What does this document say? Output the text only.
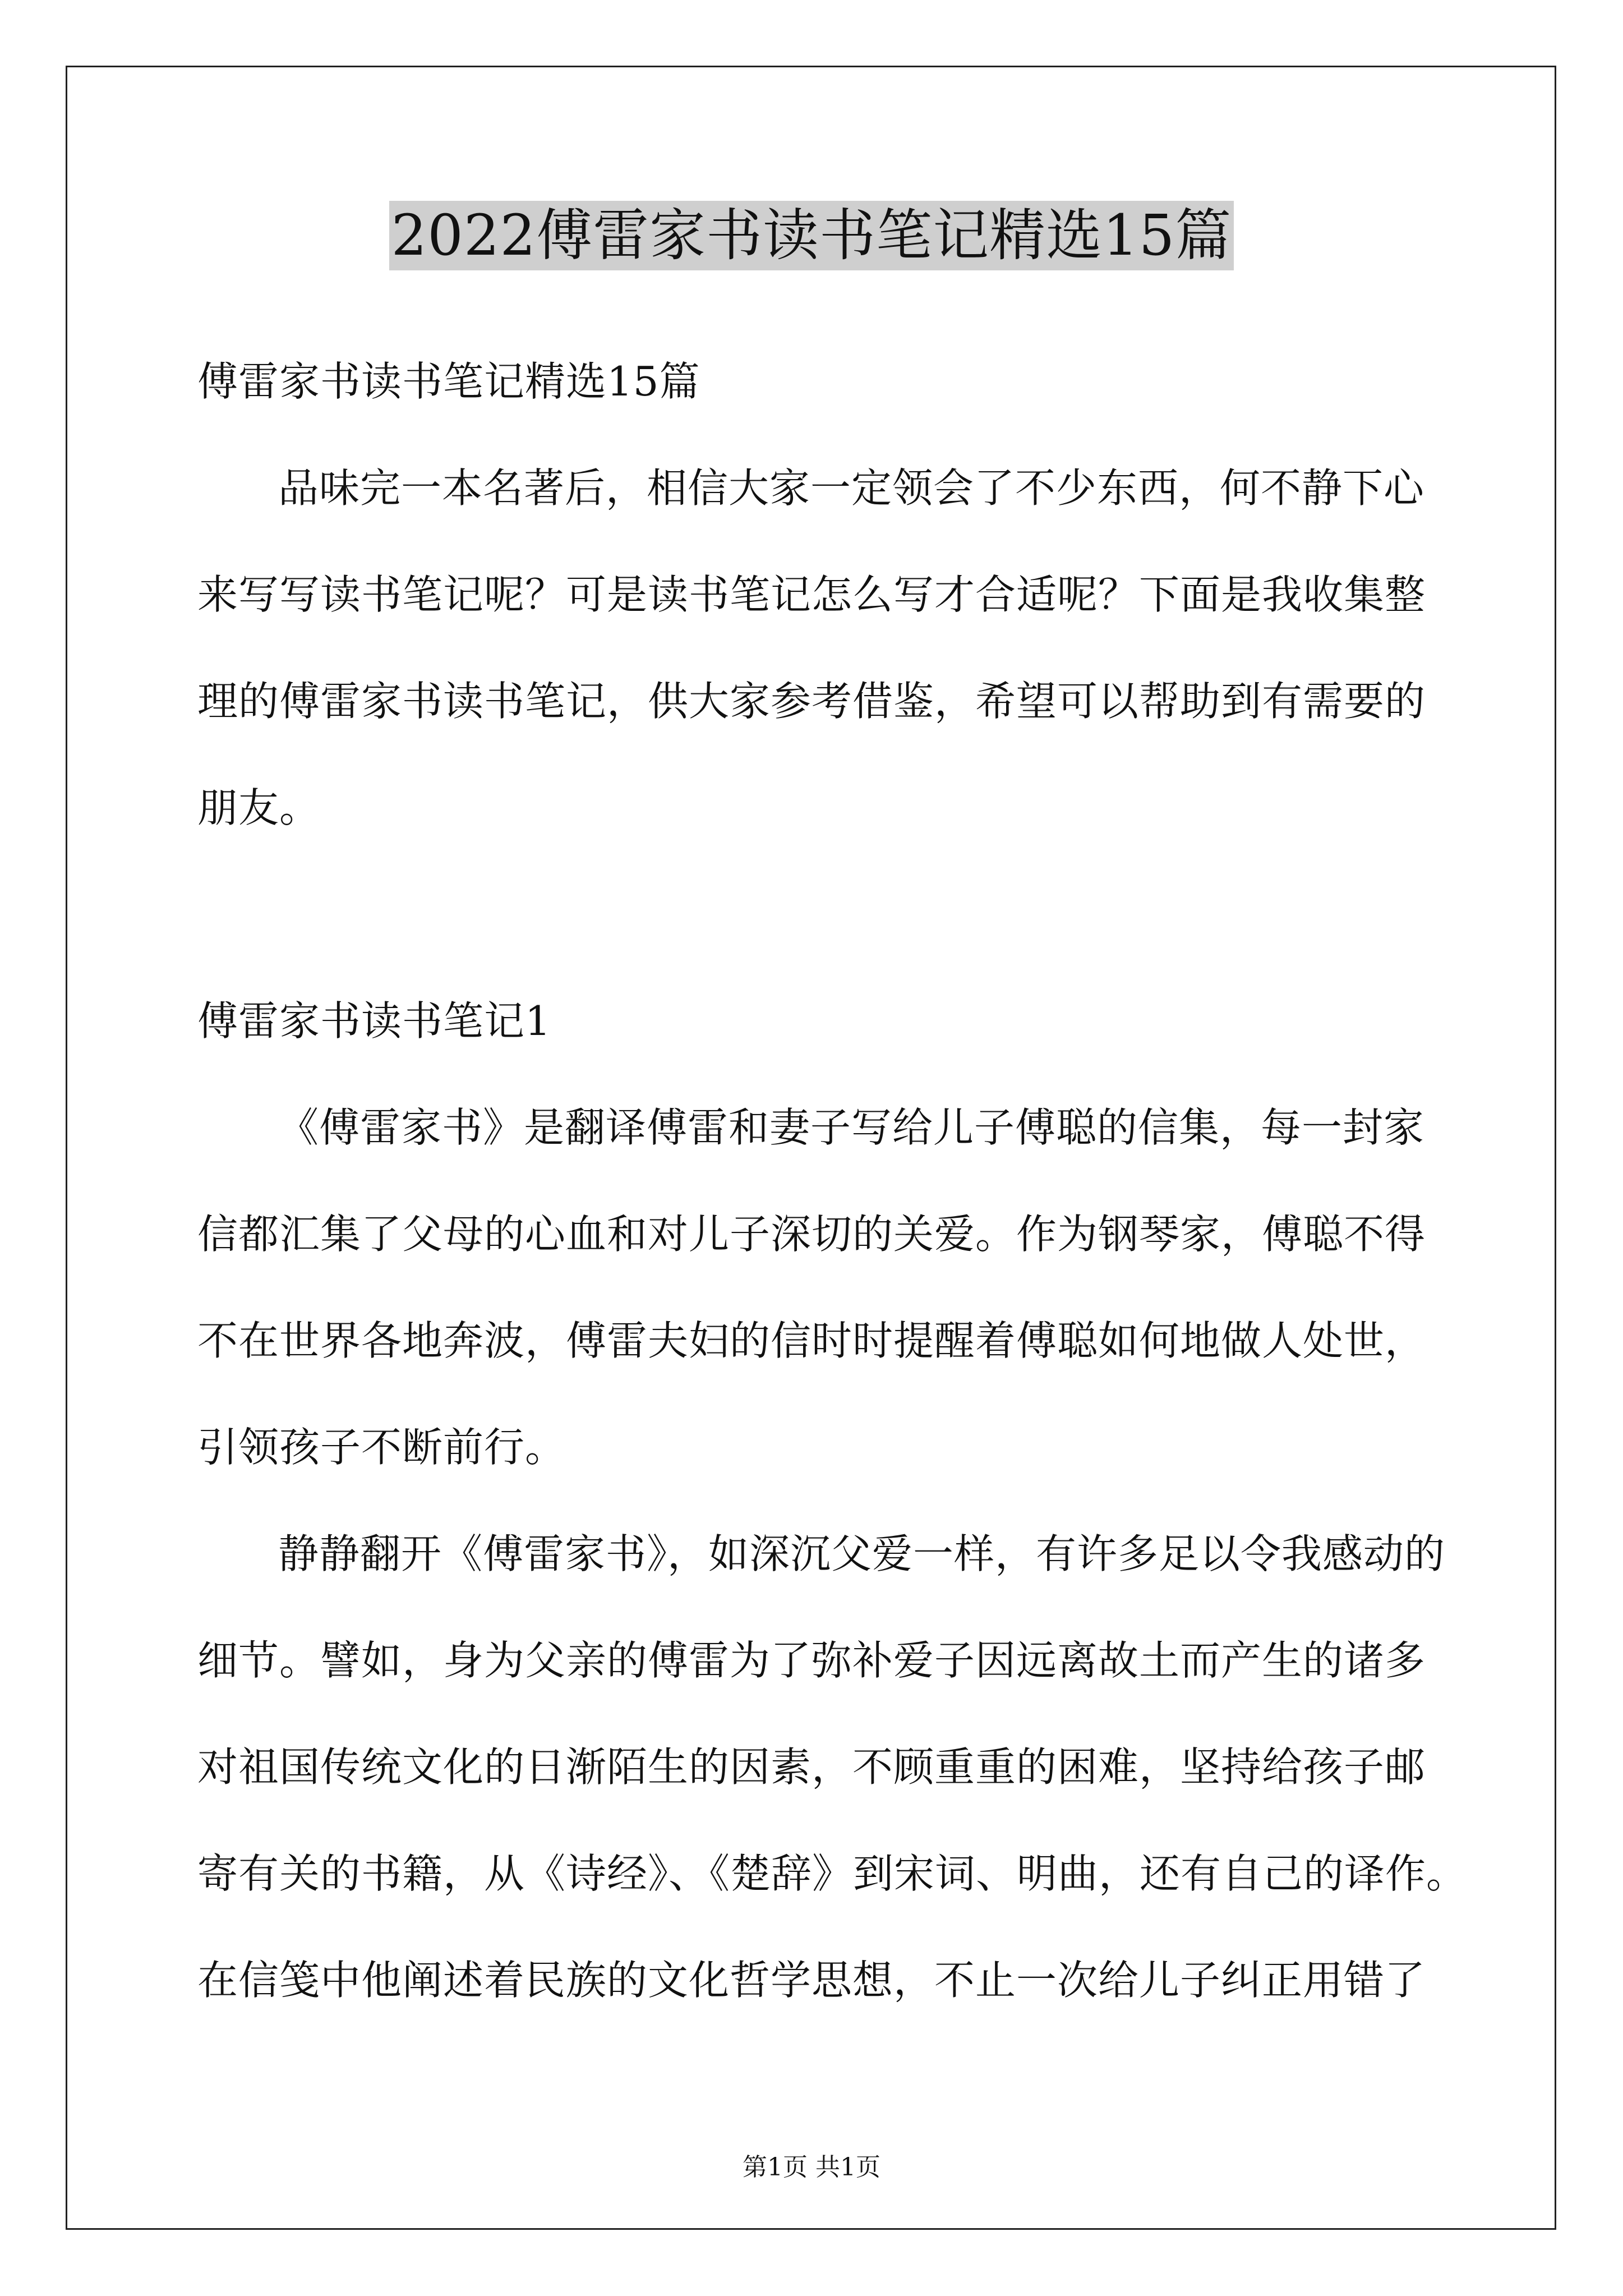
2022傅雷家书读书笔记精选15篇
傅雷家书读书笔记精选15篇
品味完一本名著后，相信大家一定领会了不少东西，何不静下心
来写写读书笔记呢？可是读书笔记怎么写才合适呢？下面是我收集整
理的傅雷家书读书笔记，供大家参考借鉴，希望可以帮助到有需要的
朋友。
傅雷家书读书笔记1
《傅雷家书》是翻译傅雷和妻子写给儿子傅聪的信集，每一封家
信都汇集了父母的心血和对儿子深切的关爱。作为钢琴家，傅聪不得
不在世界各地奔波，傅雷夫妇的信时时提醒着傅聪如何地做人处世，
引领孩子不断前行。
静静翻开《傅雷家书》，如深沉父爱一样，有许多足以令我感动的
细节。譬如，身为父亲的傅雷为了弥补爱子因远离故土而产生的诸多
对祖国传统文化的日渐陌生的因素，不顾重重的困难，坚持给孩子邮
寄有关的书籍，从《诗经》、《楚辞》到宋词、明曲，还有自己的译作。
在信笺中他阐述着民族的文化哲学思想，不止一次给儿子纠正用错了
第1页 共1页
